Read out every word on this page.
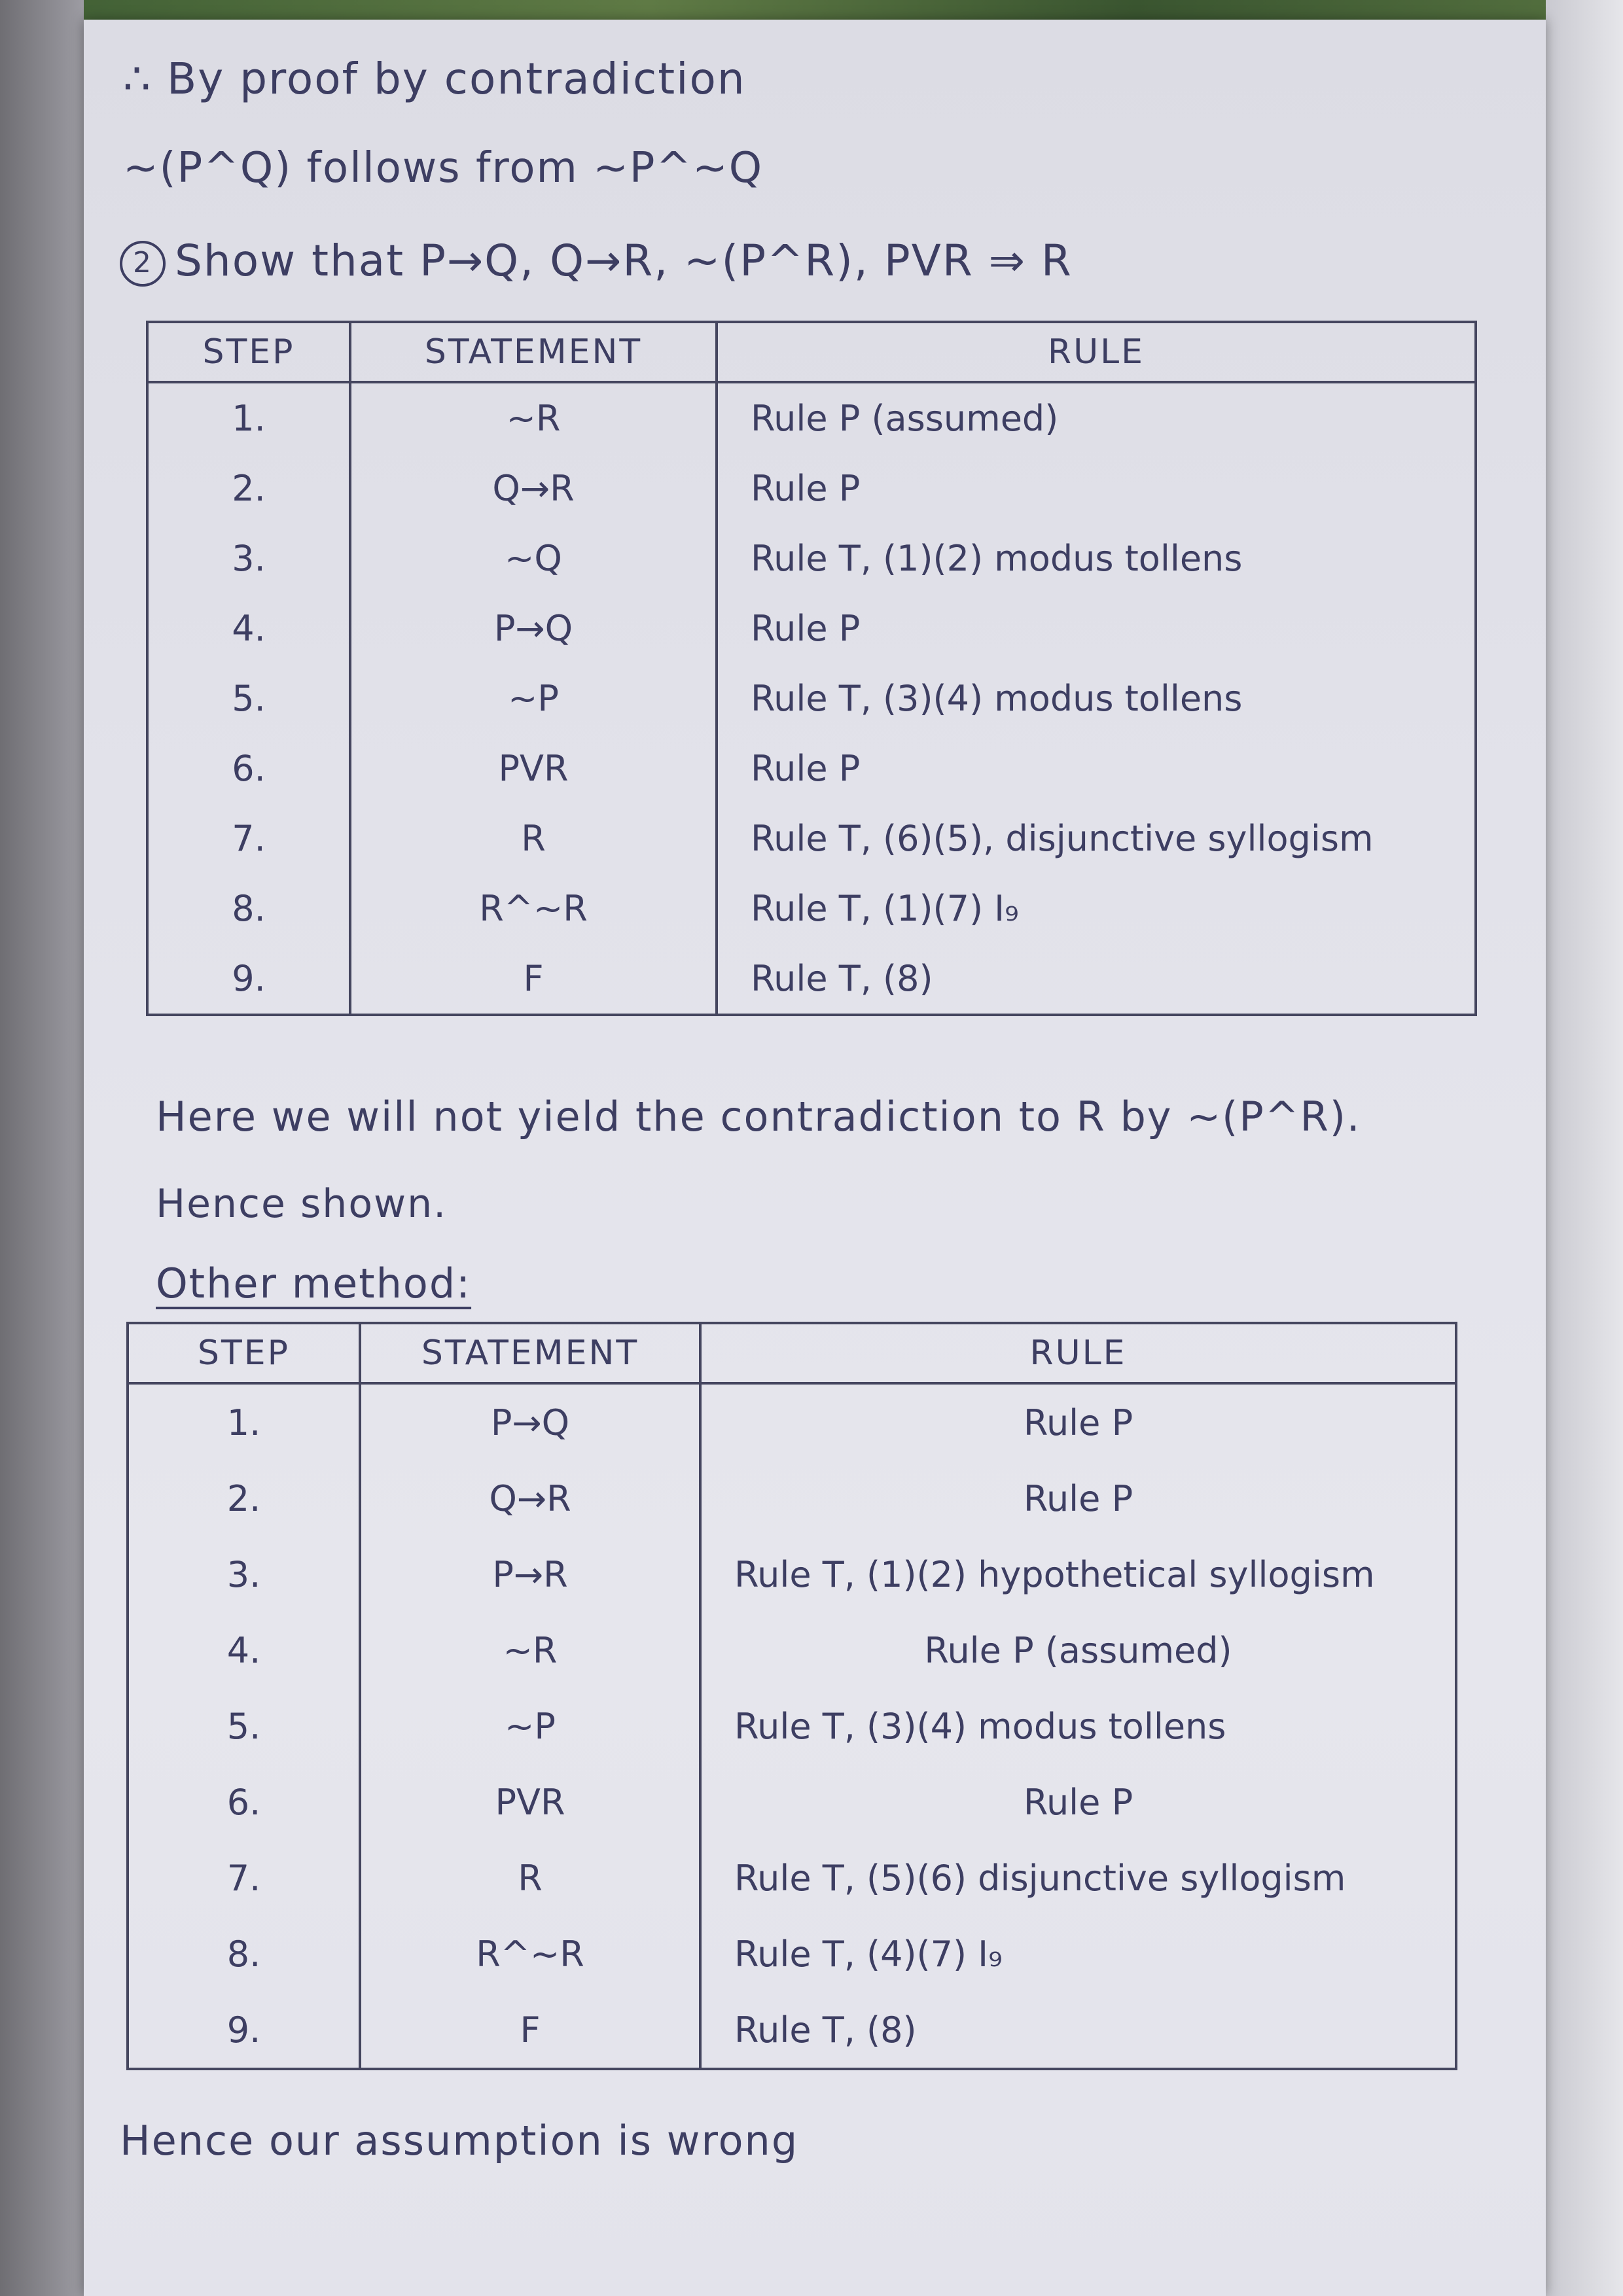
∴ By proof by contradiction
~(P^Q) follows from ~P^~Q
2 Show that P→Q, Q→R, ~(P^R), PVR ⇒ R
STEP	STATEMENT	RULE
1.	~R	Rule P (assumed)
2.	Q→R	Rule P
3.	~Q	Rule T, (1)(2) modus tollens
4.	P→Q	Rule P
5.	~P	Rule T, (3)(4) modus tollens
6.	PVR	Rule P
7.	R	Rule T, (6)(5), disjunctive syllogism
8.	R^~R	Rule T, (1)(7) I₉
9.	F	Rule T, (8)
Here we will not yield the contradiction to R by ~(P^R).
Hence shown.
Other method:
STEP	STATEMENT	RULE
1.	P→Q	Rule P
2.	Q→R	Rule P
3.	P→R	Rule T, (1)(2) hypothetical syllogism
4.	~R	Rule P (assumed)
5.	~P	Rule T, (3)(4) modus tollens
6.	PVR	Rule P
7.	R	Rule T, (5)(6) disjunctive syllogism
8.	R^~R	Rule T, (4)(7) I₉
9.	F	Rule T, (8)
Hence our assumption is wrong
